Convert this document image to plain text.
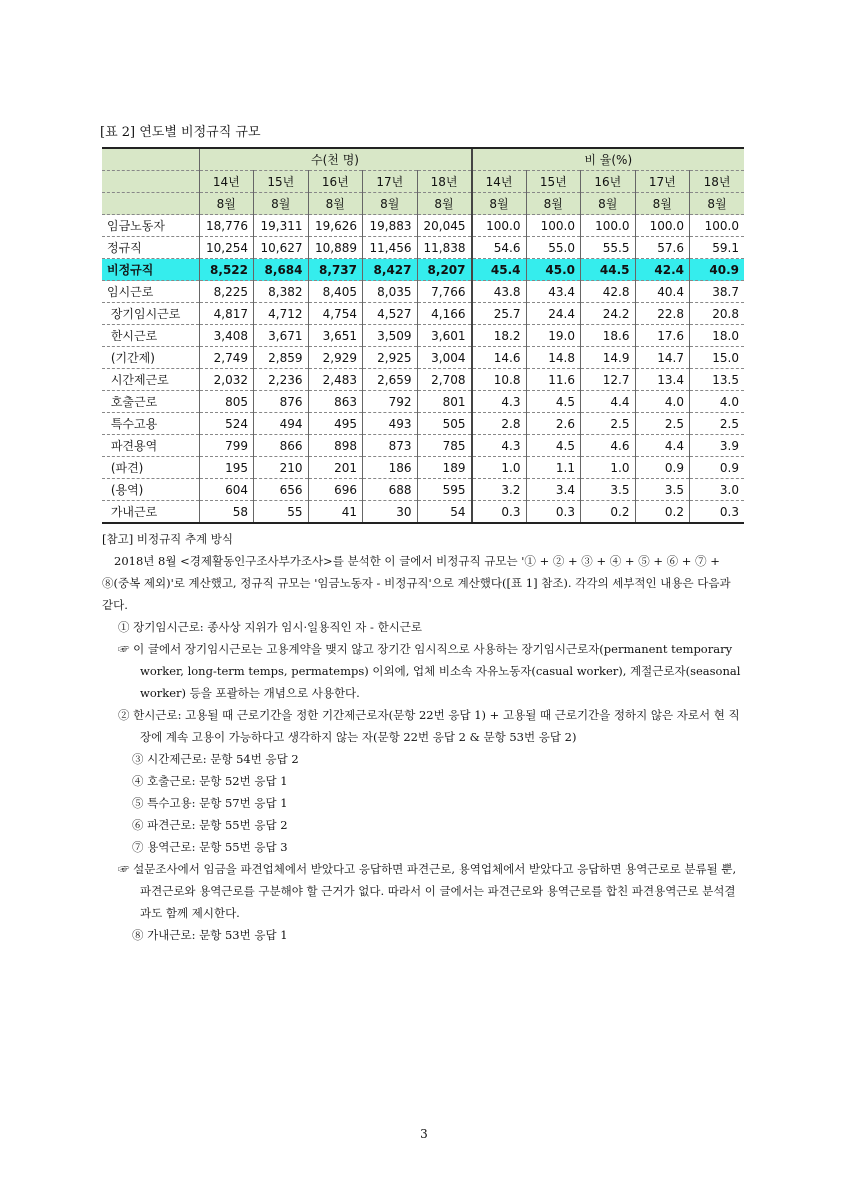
[표 2] 연도별 비정규직 규모
	수(천 명)					비 율(%)				
	14년	15년	16년	17년	18년	14년	15년	16년	17년	18년
	8월	8월	8월	8월	8월	8월	8월	8월	8월	8월
임금노동자	18,776	19,311	19,626	19,883	20,045	100.0	100.0	100.0	100.0	100.0
정규직	10,254	10,627	10,889	11,456	11,838	54.6	55.0	55.5	57.6	59.1
비정규직	8,522	8,684	8,737	8,427	8,207	45.4	45.0	44.5	42.4	40.9
임시근로	8,225	8,382	8,405	8,035	7,766	43.8	43.4	42.8	40.4	38.7
장기임시근로	4,817	4,712	4,754	4,527	4,166	25.7	24.4	24.2	22.8	20.8
한시근로	3,408	3,671	3,651	3,509	3,601	18.2	19.0	18.6	17.6	18.0
(기간제)	2,749	2,859	2,929	2,925	3,004	14.6	14.8	14.9	14.7	15.0
시간제근로	2,032	2,236	2,483	2,659	2,708	10.8	11.6	12.7	13.4	13.5
호출근로	805	876	863	792	801	4.3	4.5	4.4	4.0	4.0
특수고용	524	494	495	493	505	2.8	2.6	2.5	2.5	2.5
파견용역	799	866	898	873	785	4.3	4.5	4.6	4.4	3.9
(파견)	195	210	201	186	189	1.0	1.1	1.0	0.9	0.9
(용역)	604	656	696	688	595	3.2	3.4	3.5	3.5	3.0
가내근로	58	55	41	30	54	0.3	0.3	0.2	0.2	0.3

[참고] 비정규직 추계 방식

2018년 8월 <경제활동인구조사부가조사>를 분석한 이 글에서 비정규직 규모는 '① + ② + ③ + ④ + ⑤ + ⑥ + ⑦ + ⑧(중복 제외)'로 계산했고, 정규직 규모는 '임금노동자 - 비정규직'으로 계산했다([표 1] 참조). 각각의 세부적인 내용은 다음과 같다.

① 장기임시근로: 종사상 지위가 임시·일용직인 자 - 한시근로

☞ 이 글에서 장기임시근로는 고용계약을 맺지 않고 장기간 임시직으로 사용하는 장기임시근로자(permanent temporary worker, long-term temps, permatemps) 이외에, 업체 비소속 자유노동자(casual worker), 계절근로자(seasonal worker) 등을 포괄하는 개념으로 사용한다.

② 한시근로: 고용될 때 근로기간을 정한 기간제근로자(문항 22번 응답 1) + 고용될 때 근로기간을 정하지 않은 자로서 현 직장에 계속 고용이 가능하다고 생각하지 않는 자(문항 22번 응답 2 & 문항 53번 응답 2)

③ 시간제근로: 문항 54번 응답 2

④ 호출근로: 문항 52번 응답 1

⑤ 특수고용: 문항 57번 응답 1

⑥ 파견근로: 문항 55번 응답 2

⑦ 용역근로: 문항 55번 응답 3

☞ 설문조사에서 임금을 파견업체에서 받았다고 응답하면 파견근로, 용역업체에서 받았다고 응답하면 용역근로로 분류될 뿐, 파견근로와 용역근로를 구분해야 할 근거가 없다. 따라서 이 글에서는 파견근로와 용역근로를 합친 파견용역근로 분석결과도 함께 제시한다.

⑧ 가내근로: 문항 53번 응답 1

3
